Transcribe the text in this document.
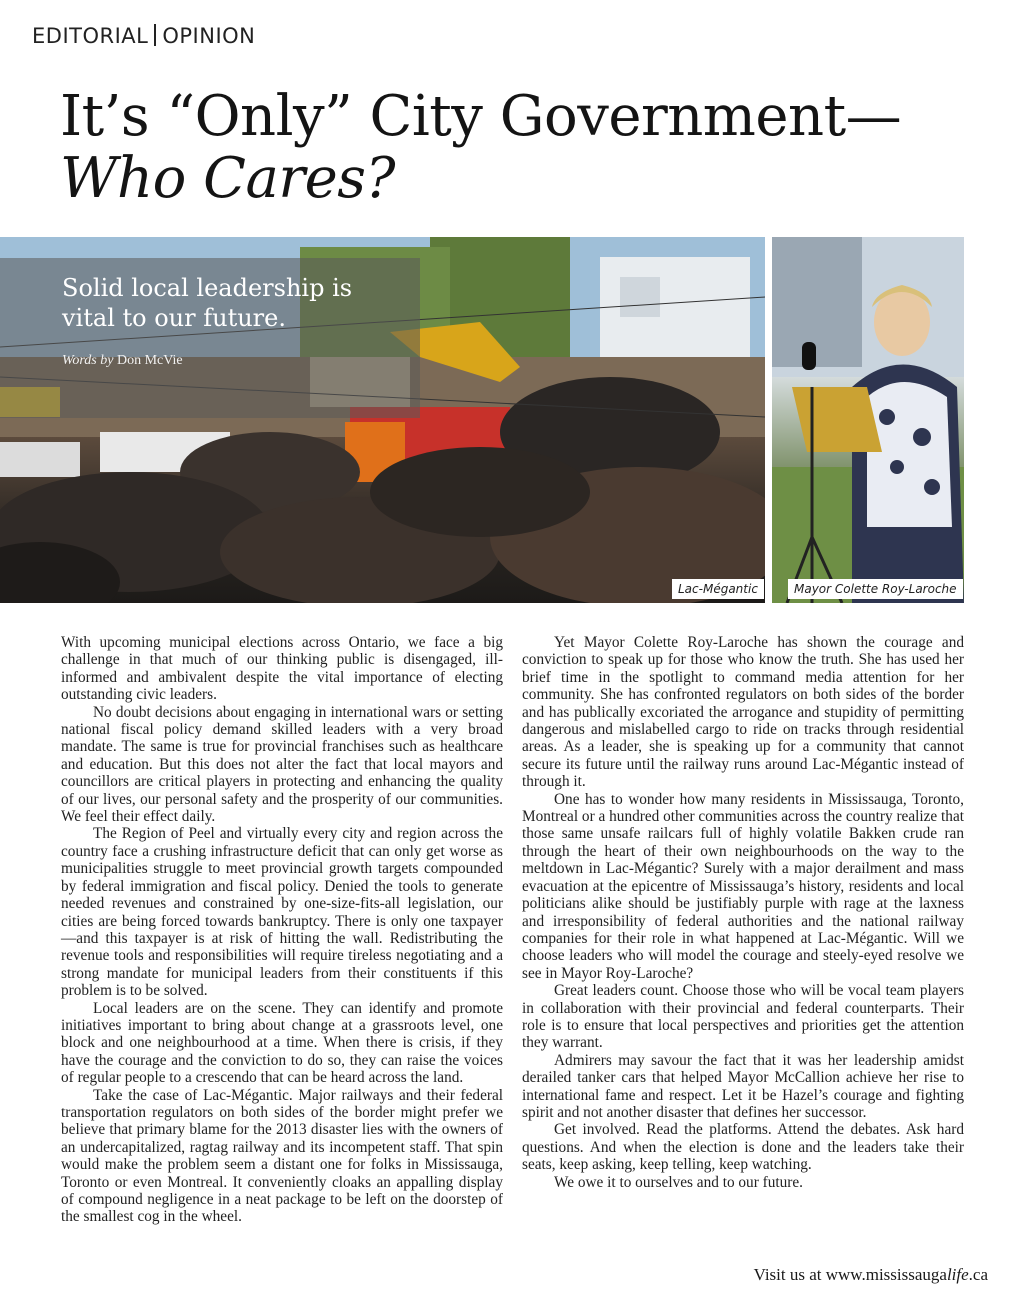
EDITORIAL OPINION
It’s “Only” City Government—
Who Cares?

Solid local leadership is vital to our future.

Words by Don McVie
Lac-Mégantic	Mayor Colette Roy-Laroche

With upcoming municipal elections across Ontario, we face a big challenge in that much of our thinking public is disengaged, ill-informed and ambivalent despite the vital importance of electing outstanding civic leaders.

No doubt decisions about engaging in international wars or setting national fiscal policy demand skilled leaders with a very broad mandate. The same is true for provincial franchises such as healthcare and education. But this does not alter the fact that local mayors and councillors are critical players in protecting and enhancing the quality of our lives, our personal safety and the prosperity of our communities. We feel their effect daily.

The Region of Peel and virtually every city and region across the country face a crushing infrastructure deficit that can only get worse as municipalities struggle to meet provincial growth targets compounded by federal immigration and fiscal policy. Denied the tools to generate needed revenues and constrained by one-size-fits-all legislation, our cities are being forced towards bankruptcy. There is only one taxpayer—and this taxpayer is at risk of hitting the wall. Redistributing the revenue tools and responsibilities will require tireless negotiating and a strong mandate for municipal leaders from their constituents if this problem is to be solved.

Local leaders are on the scene. They can identify and promote initiatives important to bring about change at a grassroots level, one block and one neighbourhood at a time. When there is crisis, if they have the courage and the conviction to do so, they can raise the voices of regular people to a crescendo that can be heard across the land.

Take the case of Lac-Mégantic. Major railways and their federal transportation regulators on both sides of the border might prefer we believe that primary blame for the 2013 disaster lies with the owners of an undercapitalized, ragtag railway and its incompetent staff. That spin would make the problem seem a distant one for folks in Mississauga, Toronto or even Montreal. It conveniently cloaks an appalling display of compound negligence in a neat package to be left on the doorstep of the smallest cog in the wheel.

Yet Mayor Colette Roy-Laroche has shown the courage and conviction to speak up for those who know the truth. She has used her brief time in the spotlight to command media attention for her community. She has confronted regulators on both sides of the border and has publically excoriated the arrogance and stupidity of permitting dangerous and mislabelled cargo to ride on tracks through residential areas. As a leader, she is speaking up for a community that cannot secure its future until the railway runs around Lac-Mégantic instead of through it.

One has to wonder how many residents in Mississauga, Toronto, Montreal or a hundred other communities across the country realize that those same unsafe railcars full of highly volatile Bakken crude ran through the heart of their own neighbourhoods on the way to the meltdown in Lac-Mégantic? Surely with a major derailment and mass evacuation at the epicentre of Mississauga’s history, residents and local politicians alike should be justifiably purple with rage at the laxness and irresponsibility of federal authorities and the national railway companies for their role in what happened at Lac-Mégantic. Will we choose leaders who will model the courage and steely-eyed resolve we see in Mayor Roy-Laroche?

Great leaders count. Choose those who will be vocal team players in collaboration with their provincial and federal counterparts. Their role is to ensure that local perspectives and priorities get the attention they warrant.

Admirers may savour the fact that it was her leadership amidst derailed tanker cars that helped Mayor McCallion achieve her rise to international fame and respect. Let it be Hazel’s courage and fighting spirit and not another disaster that defines her successor.

Get involved. Read the platforms. Attend the debates. Ask hard questions. And when the election is done and the leaders take their seats, keep asking, keep telling, keep watching.

We owe it to ourselves and to our future.

Visit us at www.mississaugalife.ca
